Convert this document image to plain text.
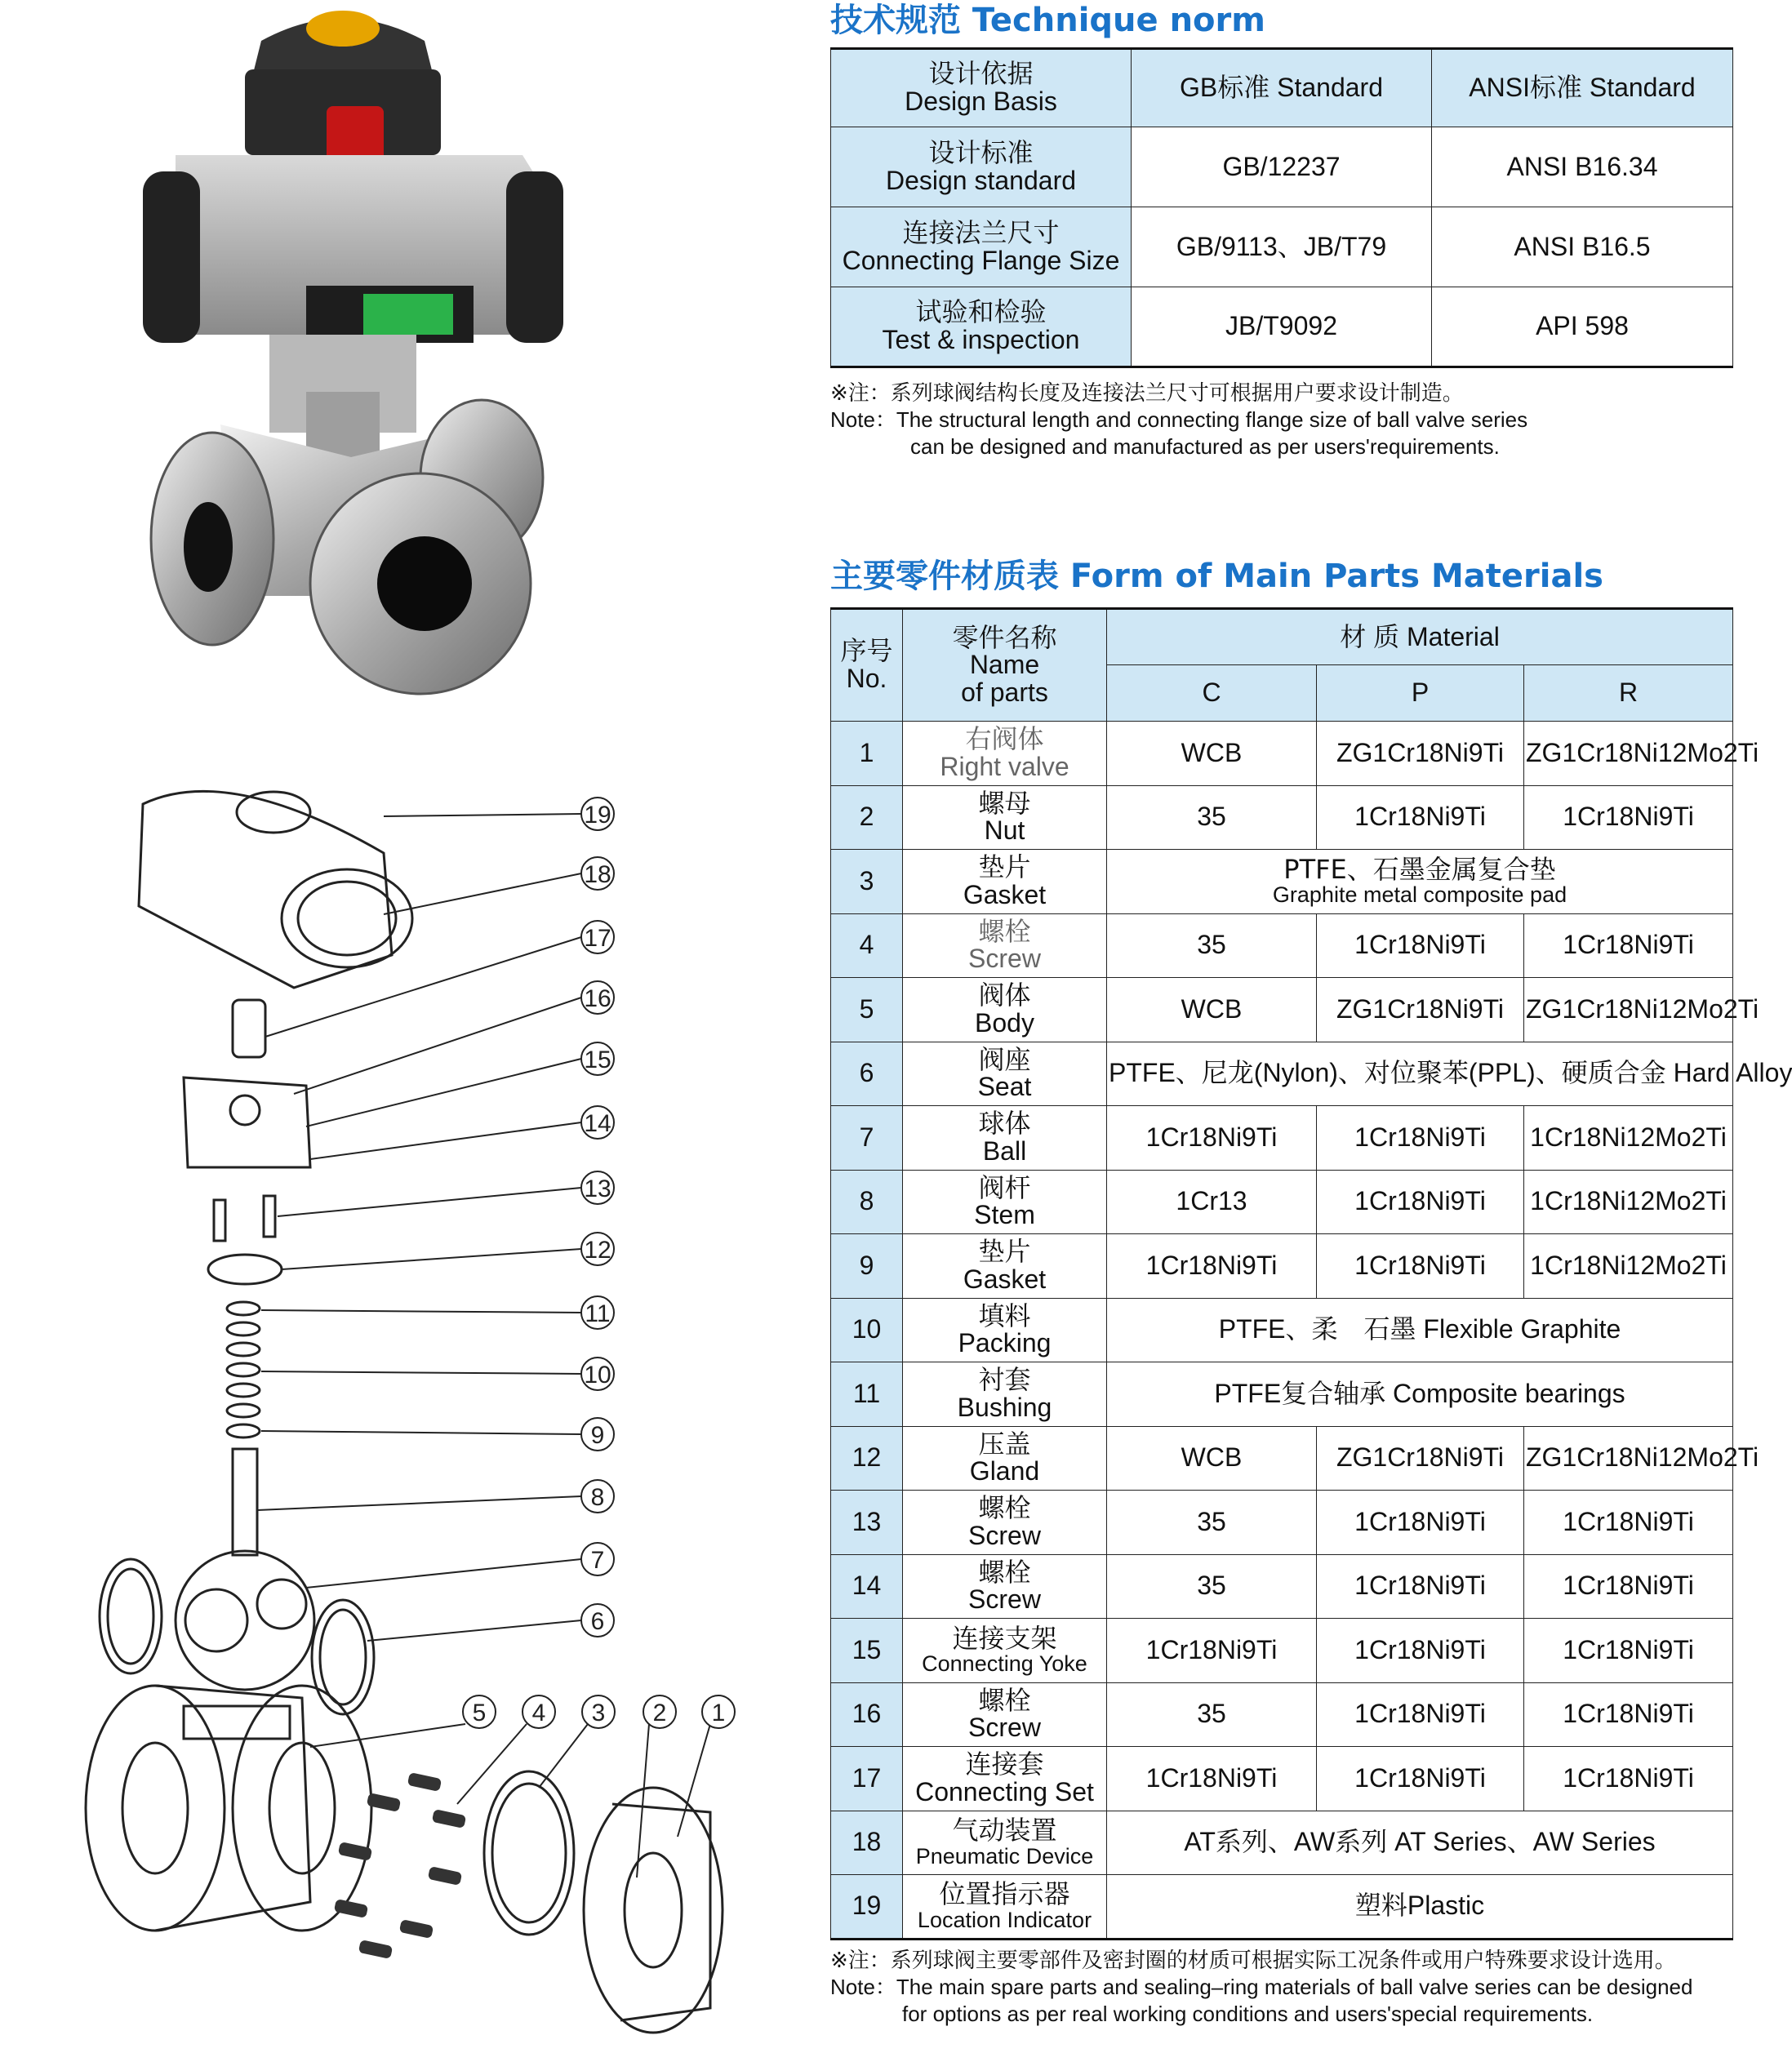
19
18
17
16
15
14
13
12
11
10
9
8
7
6
5 4 3 2 1
技术规范 Technique norm
设计依据
Design Basis	GB标准 Standard	ANSI标准 Standard

设计标准
Design standard	GB/12237	ANSI B16.34

连接法兰尺寸
Connecting Flange Size	GB/9113、JB/T79	ANSI B16.5

试验和检验
Test & inspection	JB/T9092	API 598
※注：系列球阀结构长度及连接法兰尺寸可根据用户要求设计制造。
Note：The structural length and connecting flange size of ball valve series
can be designed and manufactured as per users'requirements.
主要零件材质表 Form of Main Parts Materials
序号
No.	零件名称
Name
of parts	材 质 Material		
		C	P	R
1	右阀体
Right valve	WCB	ZG1Cr18Ni9Ti	ZG1Cr18Ni12Mo2Ti
2	螺母
Nut	35	1Cr18Ni9Ti	1Cr18Ni9Ti
3	垫片
Gasket	PTFE、石墨金属复合垫
Graphite metal composite pad		

4	螺栓
Screw	35	1Cr18Ni9Ti	1Cr18Ni9Ti
5	阀体
Body	WCB	ZG1Cr18Ni9Ti	ZG1Cr18Ni12Mo2Ti
6	阀座
Seat	PTFE、尼龙(Nylon)、对位聚苯(PPL)、硬质合金 Hard Alloy		
7	球体
Ball	1Cr18Ni9Ti	1Cr18Ni9Ti	1Cr18Ni12Mo2Ti
8	阀杆
Stem	1Cr13	1Cr18Ni9Ti	1Cr18Ni12Mo2Ti
9	垫片
Gasket	1Cr18Ni9Ti	1Cr18Ni9Ti	1Cr18Ni12Mo2Ti
10	填料
Packing	PTFE、柔　石墨 Flexible Graphite		
11	衬套
Bushing	PTFE复合轴承 Composite bearings		
12	压盖
Gland	WCB	ZG1Cr18Ni9Ti	ZG1Cr18Ni12Mo2Ti
13	螺栓
Screw	35	1Cr18Ni9Ti	1Cr18Ni9Ti
14	螺栓
Screw	35	1Cr18Ni9Ti	1Cr18Ni9Ti
15	连接支架
Connecting Yoke	1Cr18Ni9Ti	1Cr18Ni9Ti	1Cr18Ni9Ti
16	螺栓
Screw	35	1Cr18Ni9Ti	1Cr18Ni9Ti
17	连接套
Connecting Set	1Cr18Ni9Ti	1Cr18Ni9Ti	1Cr18Ni9Ti
18	气动装置
Pneumatic Device	AT系列、AW系列 AT Series、AW Series		
19	位置指示器
Location Indicator	塑料Plastic		
※注：系列球阀主要零部件及密封圈的材质可根据实际工况条件或用户特殊要求设计选用。
Note：The main spare parts and sealing–ring materials of ball valve series can be designed
for options as per real working conditions and users'special requirements.
